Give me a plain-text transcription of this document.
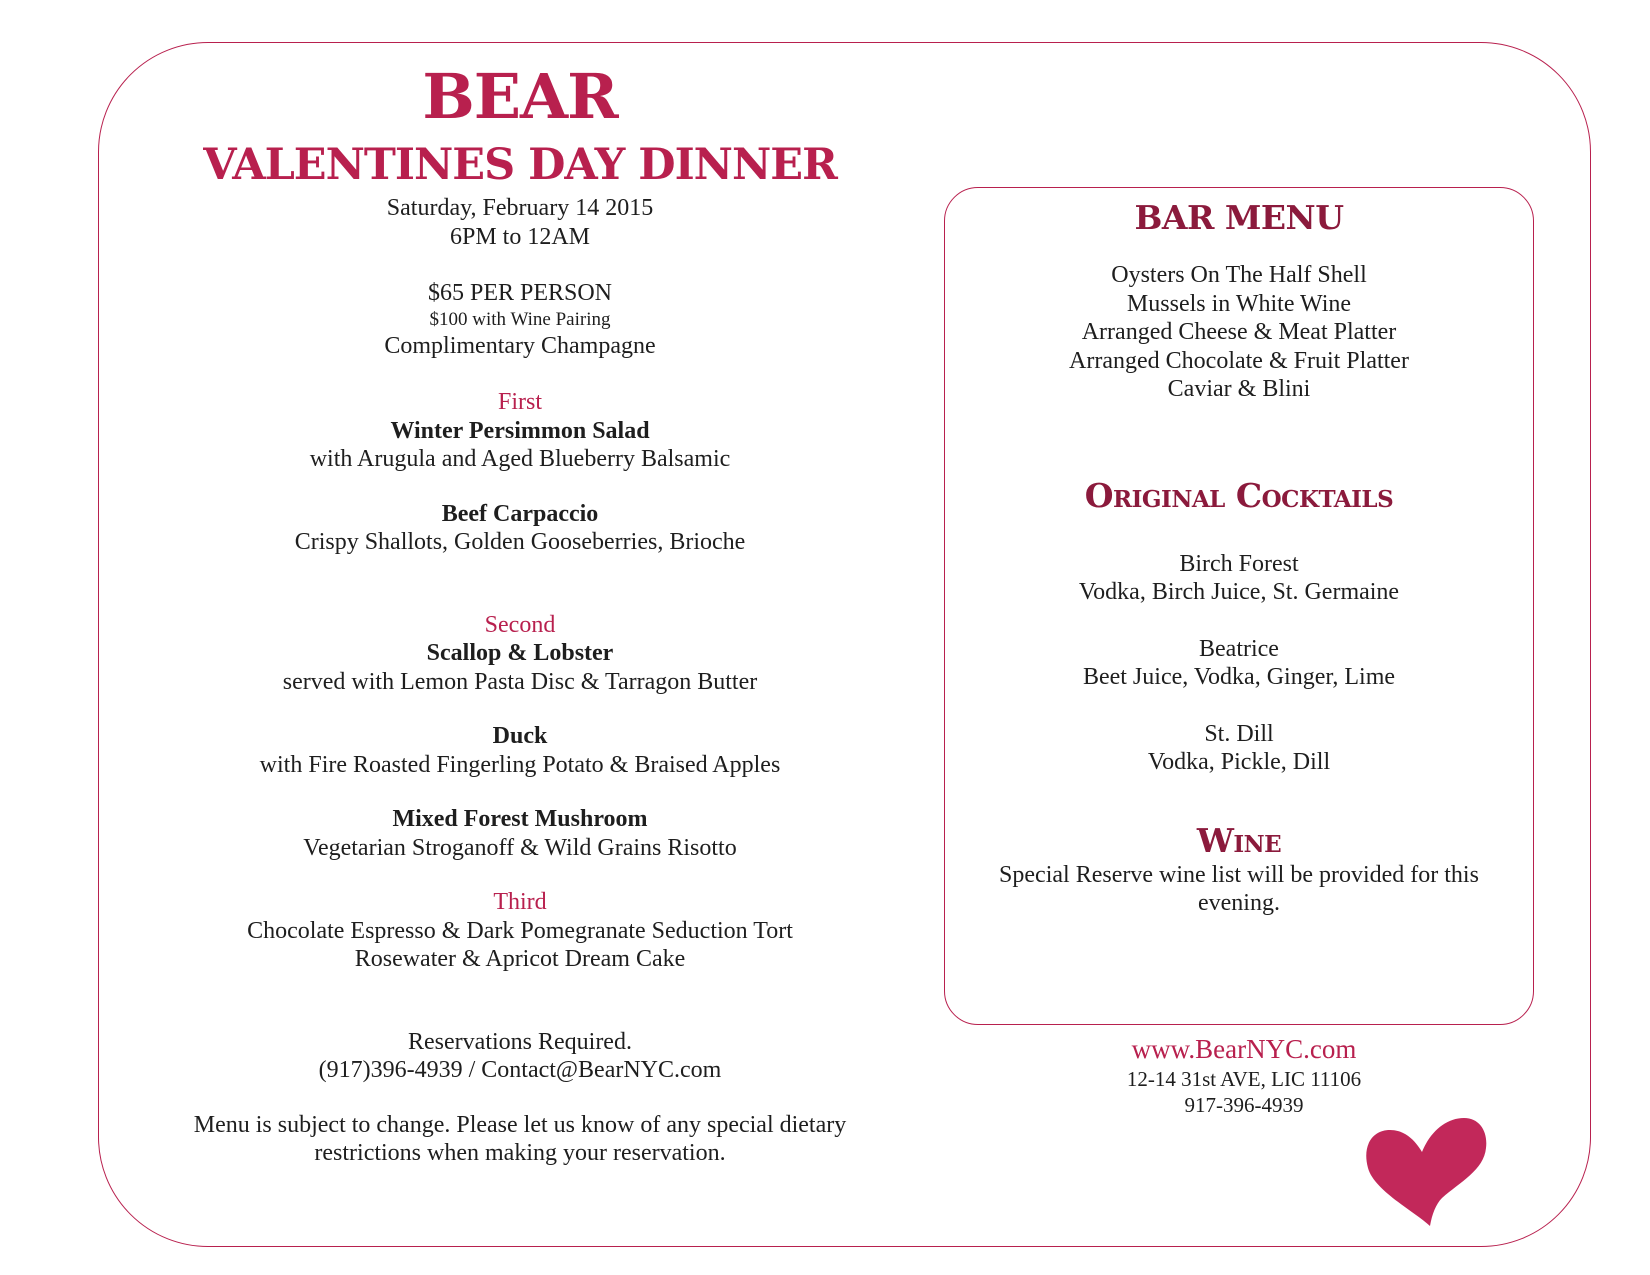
BEAR
VALENTINES DAY DINNER
Saturday, February 14 2015
6PM to 12AM
$65 PER PERSON
$100 with Wine Pairing
Complimentary Champagne
First
Winter Persimmon Salad
with Arugula and Aged Blueberry Balsamic
Beef Carpaccio
Crispy Shallots, Golden Gooseberries, Brioche
Second
Scallop & Lobster
served with Lemon Pasta Disc & Tarragon Butter
Duck
with Fire Roasted Fingerling Potato & Braised Apples
Mixed Forest Mushroom
Vegetarian Stroganoff & Wild Grains Risotto
Third
Chocolate Espresso & Dark Pomegranate Seduction Tort
Rosewater & Apricot Dream Cake
Reservations Required.
(917)396-4939 / Contact@BearNYC.com
Menu is subject to change. Please let us know of any special dietary
restrictions when making your reservation.
BAR MENU
Oysters On The Half Shell
Mussels in White Wine
Arranged Cheese & Meat Platter
Arranged Chocolate & Fruit Platter
Caviar & Blini
Original Cocktails
Birch Forest
Vodka, Birch Juice, St. Germaine
Beatrice
Beet Juice, Vodka, Ginger, Lime
St. Dill
Vodka, Pickle, Dill
Wine
Special Reserve wine list will be provided for this
evening.
www.BearNYC.com
12-14 31st AVE, LIC 11106
917-396-4939
